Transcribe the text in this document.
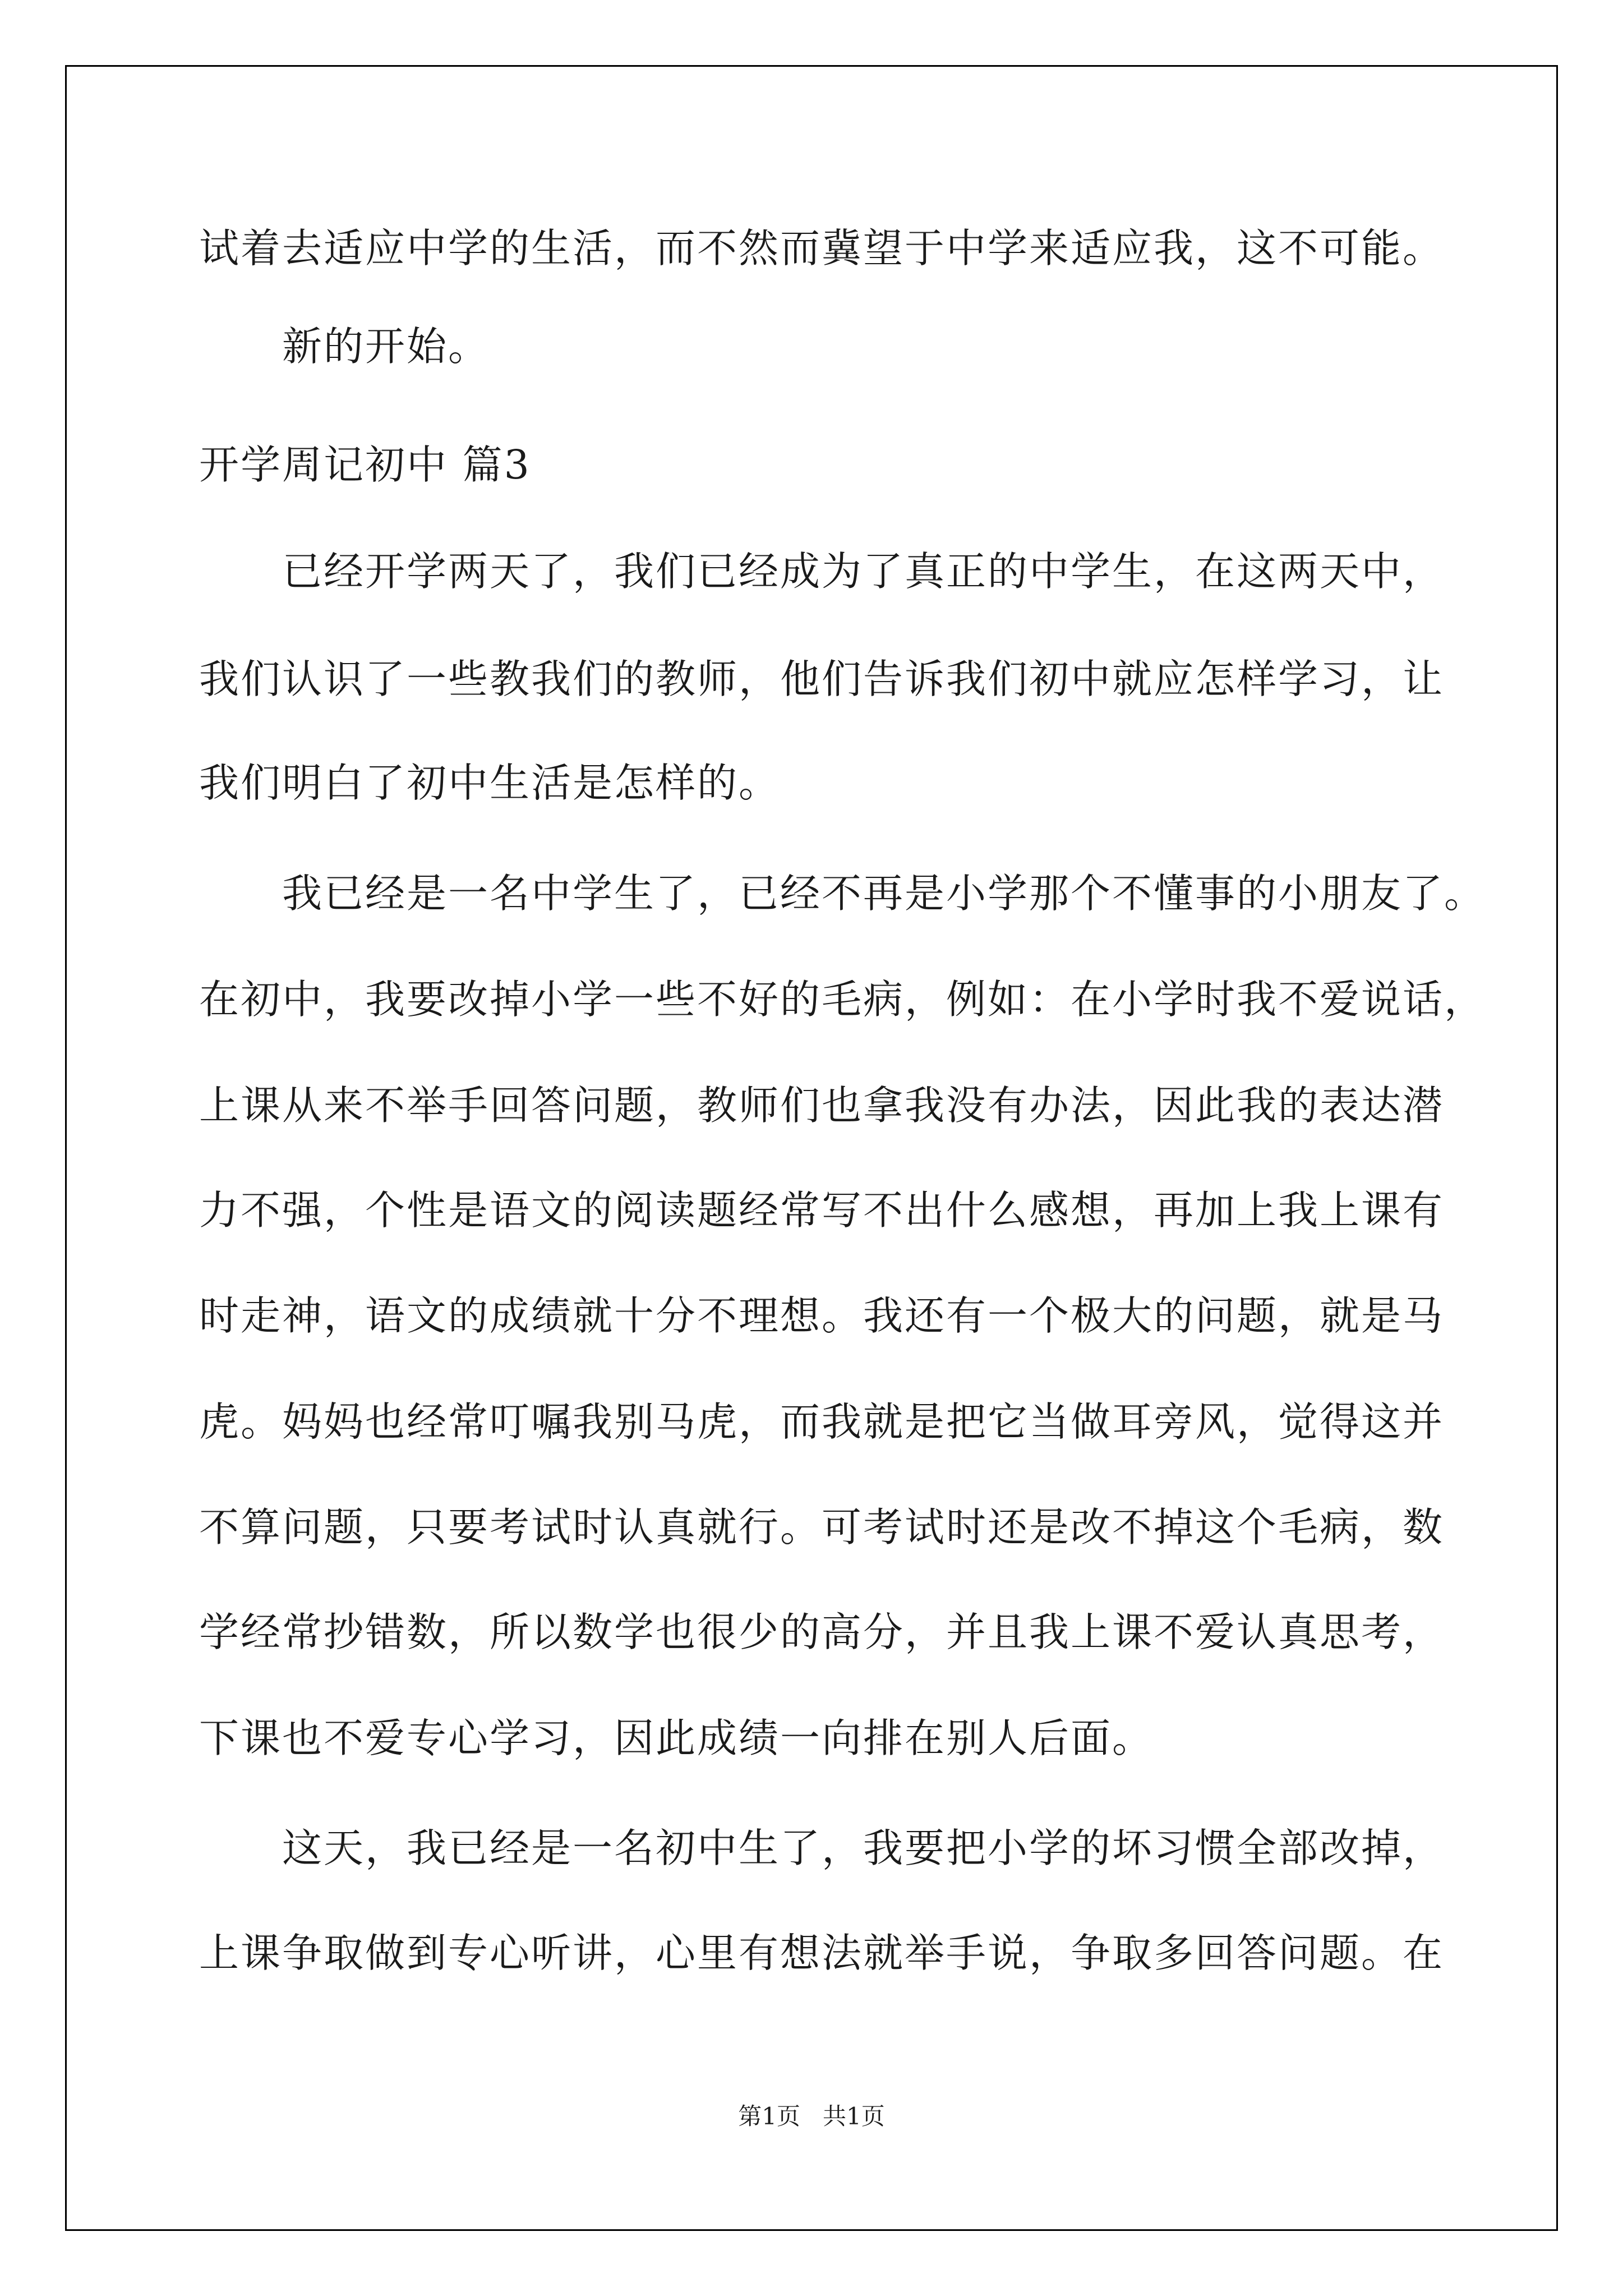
试着去适应中学的生活，而不然而冀望于中学来适应我，这不可能。
新的开始。
开学周记初中 篇3
已经开学两天了，我们已经成为了真正的中学生，在这两天中，
我们认识了一些教我们的教师，他们告诉我们初中就应怎样学习，让
我们明白了初中生活是怎样的。
我已经是一名中学生了，已经不再是小学那个不懂事的小朋友了。
在初中，我要改掉小学一些不好的毛病，例如：在小学时我不爱说话，
上课从来不举手回答问题，教师们也拿我没有办法，因此我的表达潜
力不强，个性是语文的阅读题经常写不出什么感想，再加上我上课有
时走神，语文的成绩就十分不理想。我还有一个极大的问题，就是马
虎。妈妈也经常叮嘱我别马虎，而我就是把它当做耳旁风，觉得这并
不算问题，只要考试时认真就行。可考试时还是改不掉这个毛病，数
学经常抄错数，所以数学也很少的高分，并且我上课不爱认真思考，
下课也不爱专心学习，因此成绩一向排在别人后面。
这天，我已经是一名初中生了，我要把小学的坏习惯全部改掉，
上课争取做到专心听讲，心里有想法就举手说，争取多回答问题。在
第1页   共1页
